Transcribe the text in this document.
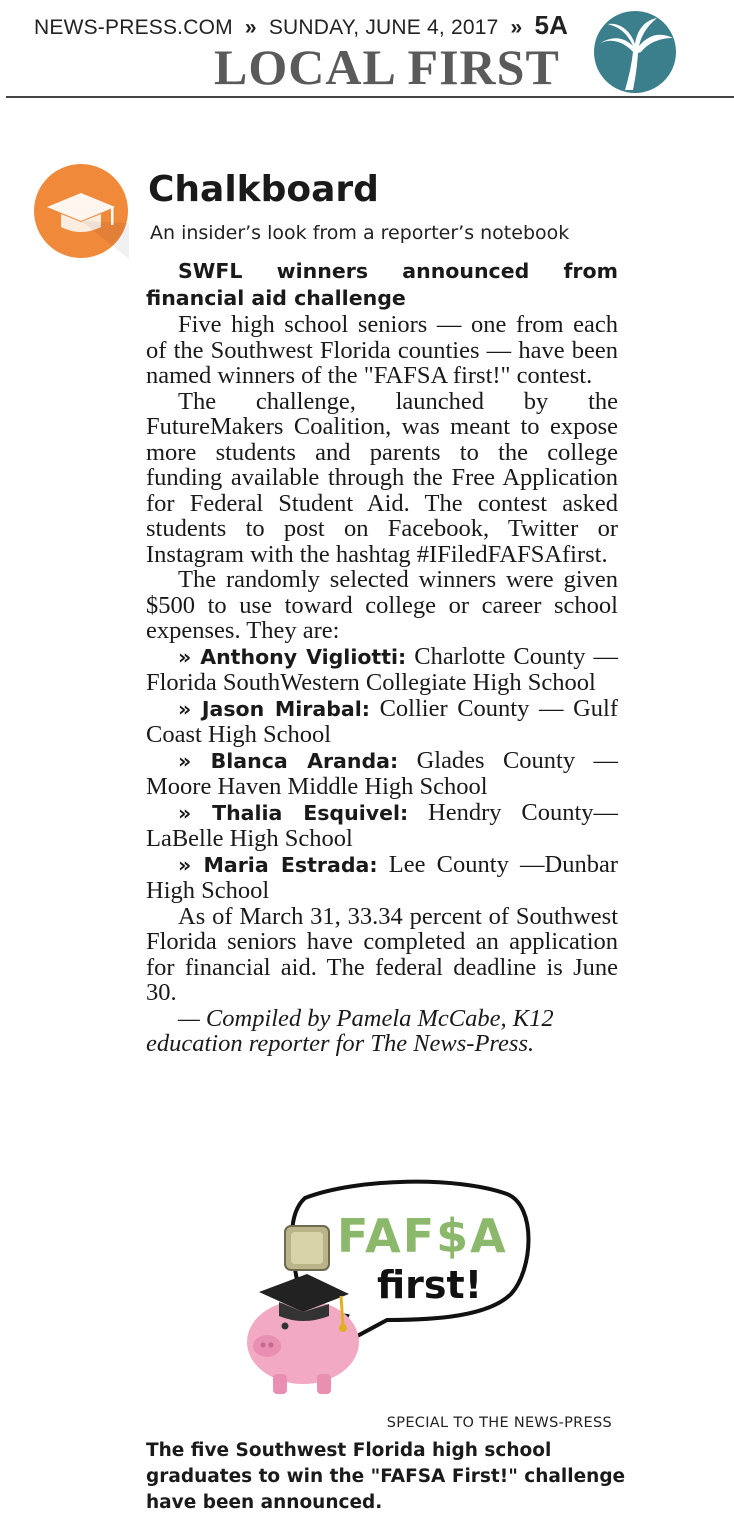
NEWS-PRESS.COM » SUNDAY, JUNE 4, 2017 » 5A
LOCAL FIRST
Chalkboard
An insider’s look from a reporter’s notebook

SWFL winners announced from financial aid challenge

Five high school seniors — one from each of the Southwest Florida counties — have been named winners of the "FAFSA first!" contest.

The challenge, launched by the FutureMakers Coalition, was meant to expose more students and parents to the college funding available through the Free Application for Federal Student Aid. The contest asked students to post on Facebook, Twitter or Instagram with the hashtag #IFiledFAFSAfirst.

The randomly selected winners were given $500 to use toward college or career school expenses. They are:

» Anthony Vigliotti: Charlotte County — Florida SouthWestern Collegiate High School

» Jason Mirabal: Collier County — Gulf Coast High School

» Blanca Aranda: Glades County — Moore Haven Middle High School

» Thalia Esquivel: Hendry County—LaBelle High School

» Maria Estrada: Lee County —Dunbar High School

As of March 31, 33.34 percent of Southwest Florida seniors have completed an application for financial aid. The federal deadline is June 30.

— Compiled by Pamela McCabe, K12 education reporter for The News-Press.

FAF$A
first!
SPECIAL TO THE NEWS-PRESS
The five Southwest Florida high school graduates to win the "FAFSA First!" challenge have been announced.
